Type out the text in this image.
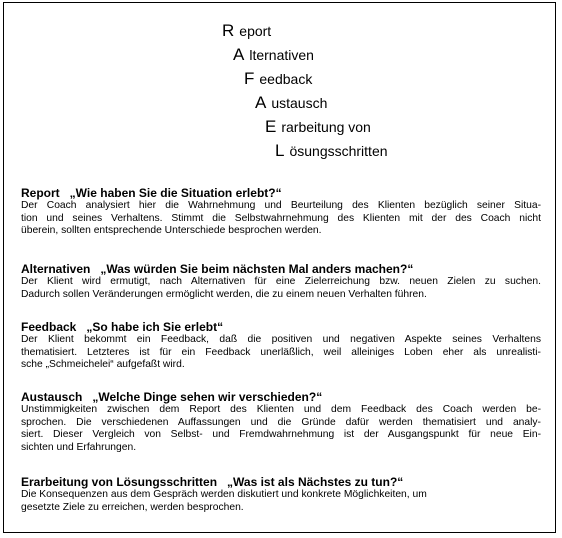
R eport
A lternativen
F eedback
A ustausch
E rarbeitung von
L ösungsschritten
Report „Wie haben Sie die Situation erlebt?“
Der Coach analysiert hier die Wahrnehmung und Beurteilung des Klienten bezüglich seiner Situa-
tion und seines Verhaltens. Stimmt die Selbstwahrnehmung des Klienten mit der des Coach nicht
überein, sollten entsprechende Unterschiede besprochen werden.
Alternativen „Was würden Sie beim nächsten Mal anders machen?“
Der Klient wird ermutigt, nach Alternativen für eine Zielerreichung bzw. neuen Zielen zu suchen.
Dadurch sollen Veränderungen ermöglicht werden, die zu einem neuen Verhalten führen.
Feedback „So habe ich Sie erlebt“
Der Klient bekommt ein Feedback, daß die positiven und negativen Aspekte seines Verhaltens
thematisiert. Letzteres ist für ein Feedback unerläßlich, weil alleiniges Loben eher als unrealisti-
sche „Schmeichelei“ aufgefaßt wird.
Austausch „Welche Dinge sehen wir verschieden?“
Unstimmigkeiten zwischen dem Report des Klienten und dem Feedback des Coach werden be-
sprochen. Die verschiedenen Auffassungen und die Gründe dafür werden thematisiert und analy-
siert. Dieser Vergleich von Selbst- und Fremdwahrnehmung ist der Ausgangspunkt für neue Ein-
sichten und Erfahrungen.
Erarbeitung von Lösungsschritten „Was ist als Nächstes zu tun?“
Die Konsequenzen aus dem Gespräch werden diskutiert und konkrete Möglichkeiten, um
gesetzte Ziele zu erreichen, werden besprochen.
